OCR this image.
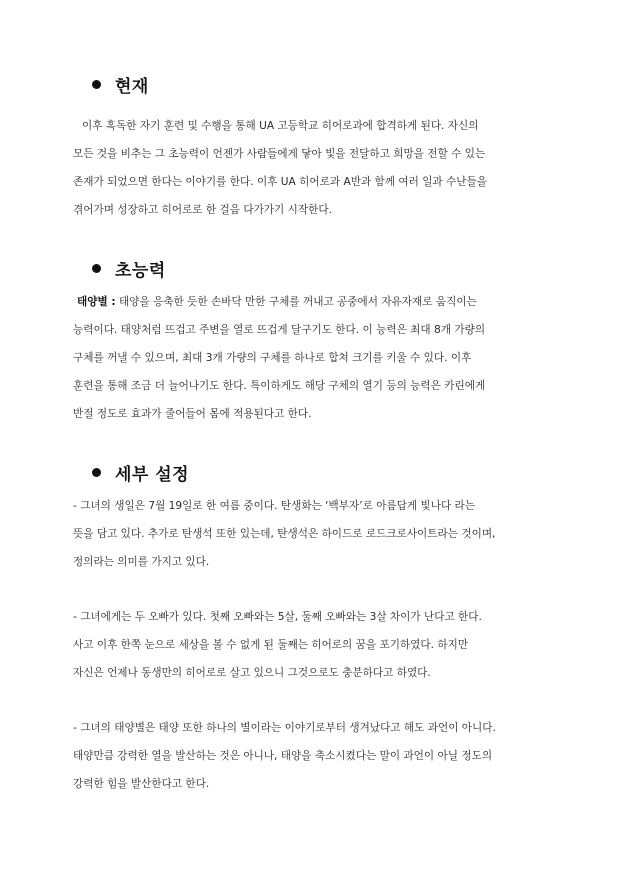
현재
이후 혹독한 자기 훈련 및 수행을 통해 UA 고등학교 히어로과에 합격하게 된다. 자신의
모든 것을 비추는 그 초능력이 언젠가 사람들에게 닿아 빛을 전달하고 희망을 전할 수 있는
존재가 되었으면 한다는 이야기를 한다. 이후 UA 히어로과 A반과 함께 여러 일과 수난들을
겪어가며 성장하고 히어로로 한 걸음 다가가기 시작한다.
초능력
태양별 : 태양을 응축한 듯한 손바닥 만한 구체를 꺼내고 공중에서 자유자재로 움직이는
능력이다. 태양처럼 뜨겁고 주변을 열로 뜨겁게 달구기도 한다. 이 능력은 최대 8개 가량의
구체를 꺼낼 수 있으며, 최대 3개 가량의 구체를 하나로 합쳐 크기를 키울 수 있다. 이후
훈련을 통해 조금 더 늘어나기도 한다. 특이하게도 해당 구체의 열기 등의 능력은 카린에게
반절 정도로 효과가 줄어들어 몸에 적용된다고 한다.
세부 설정
- 그녀의 생일은 7월 19일로 한 여름 중이다. 탄생화는 ‘백부자’로 아름답게 빛나다 라는
뜻을 담고 있다. 추가로 탄생석 또한 있는데, 탄생석은 하이드로 로드크로사이트라는 것이며,
정의라는 의미를 가지고 있다.
- 그녀에게는 두 오빠가 있다. 첫째 오빠와는 5살, 둘째 오빠와는 3살 차이가 난다고 한다.
사고 이후 한쪽 눈으로 세상을 볼 수 없게 된 둘째는 히어로의 꿈을 포기하였다. 하지만
자신은 언제나 동생만의 히어로로 살고 있으니 그것으로도 충분하다고 하였다.
- 그녀의 태양별은 태양 또한 하나의 별이라는 이야기로부터 생겨났다고 해도 과언이 아니다.
태양만큼 강력한 열을 발산하는 것은 아니나, 태양을 축소시켰다는 말이 과언이 아닐 정도의
강력한 힘을 발산한다고 한다.
